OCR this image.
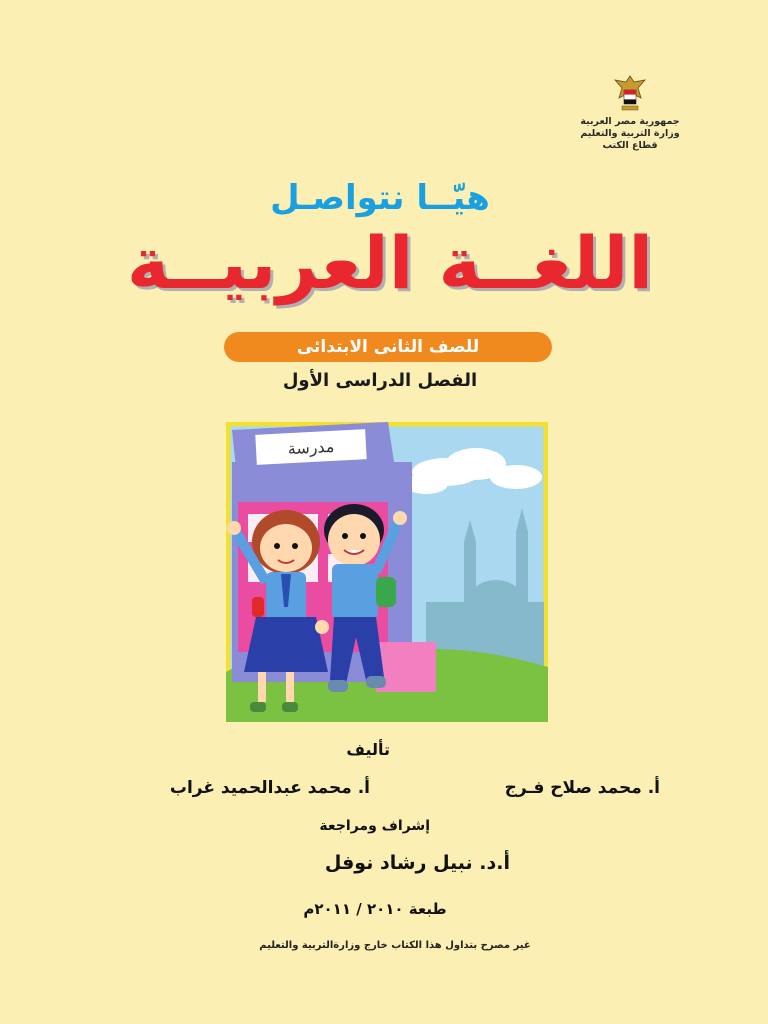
جمهورية مصر العربية
وزارة التربية والتعليم
قطاع الكتب
هيّــا نتواصـل
اللغــة العربيــة
للصف الثانى الابتدائى
الفصل الدراسى الأول
مدرسة
تأليف
أ. محمد صلاح فـرج
أ. محمد عبدالحميد غراب
إشراف ومراجعة
أ.د. نبيل رشاد نوفل
طبعة ٢٠١٠ / ٢٠١١م
غير مصرح بتداول هذا الكتاب خارج وزارةالتربية والتعليم
